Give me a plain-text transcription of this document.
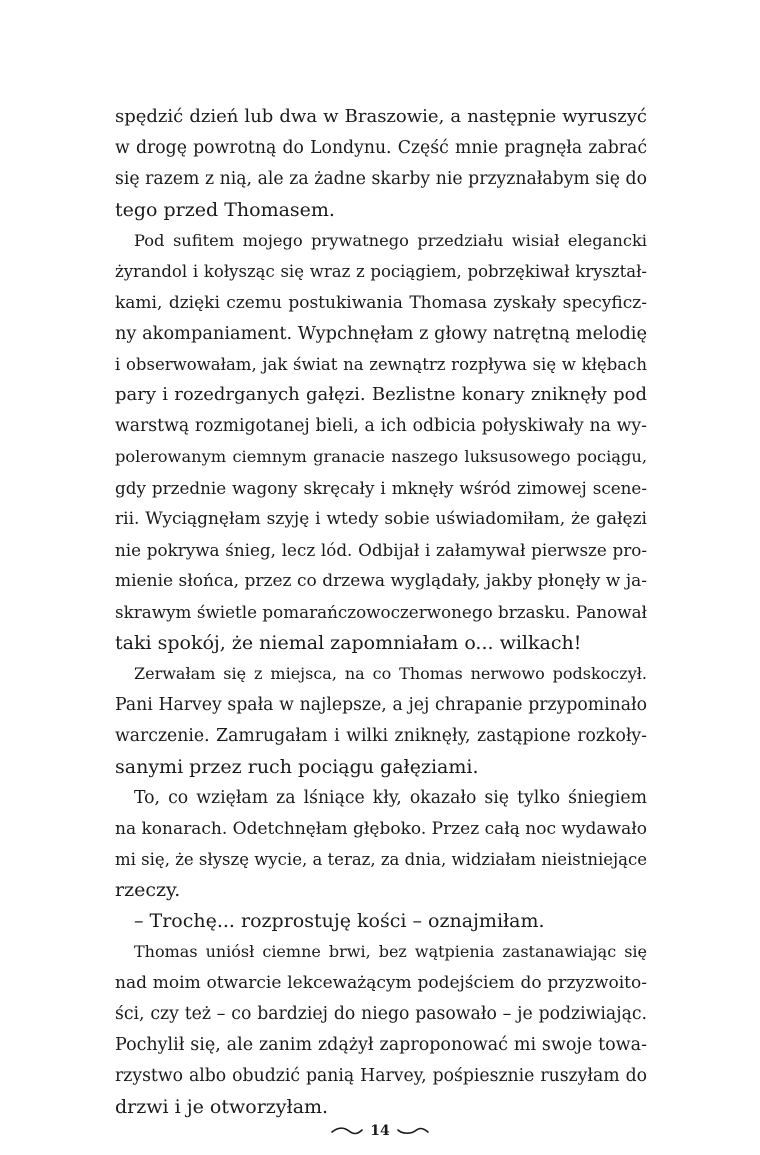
spędzić dzień lub dwa w Braszowie, a następnie wyruszyć
w drogę powrotną do Londynu. Część mnie pragnęła zabrać
się razem z nią, ale za żadne skarby nie przyznałabym się do
tego przed Thomasem.
Pod sufitem mojego prywatnego przedziału wisiał elegancki
żyrandol i kołysząc się wraz z pociągiem, pobrzękiwał kryształ-
kami, dzięki czemu postukiwania Thomasa zyskały specyficz-
ny akompaniament. Wypchnęłam z głowy natrętną melodię
i obserwowałam, jak świat na zewnątrz rozpływa się w kłębach
pary i rozedrganych gałęzi. Bezlistne konary zniknęły pod
warstwą rozmigotanej bieli, a ich odbicia połyskiwały na wy-
polerowanym ciemnym granacie naszego luksusowego pociągu,
gdy przednie wagony skręcały i mknęły wśród zimowej scene-
rii. Wyciągnęłam szyję i wtedy sobie uświadomiłam, że gałęzi
nie pokrywa śnieg, lecz lód. Odbijał i załamywał pierwsze pro-
mienie słońca, przez co drzewa wyglądały, jakby płonęły w ja-
skrawym świetle pomarańczowoczerwonego brzasku. Panował
taki spokój, że niemal zapomniałam o... wilkach!
Zerwałam się z miejsca, na co Thomas nerwowo podskoczył.
Pani Harvey spała w najlepsze, a jej chrapanie przypominało
warczenie. Zamrugałam i wilki zniknęły, zastąpione rozkoły-
sanymi przez ruch pociągu gałęziami.
To, co wzięłam za lśniące kły, okazało się tylko śniegiem
na konarach. Odetchnęłam głęboko. Przez całą noc wydawało
mi się, że słyszę wycie, a teraz, za dnia, widziałam nieistniejące
rzeczy.
– Trochę... rozprostuję kości – oznajmiłam.
Thomas uniósł ciemne brwi, bez wątpienia zastanawiając się
nad moim otwarcie lekceważącym podejściem do przyzwoito-
ści, czy też – co bardziej do niego pasowało – je podziwiając.
Pochylił się, ale zanim zdążył zaproponować mi swoje towa-
rzystwo albo obudzić panią Harvey, pośpiesznie ruszyłam do
drzwi i je otworzyłam.
14
